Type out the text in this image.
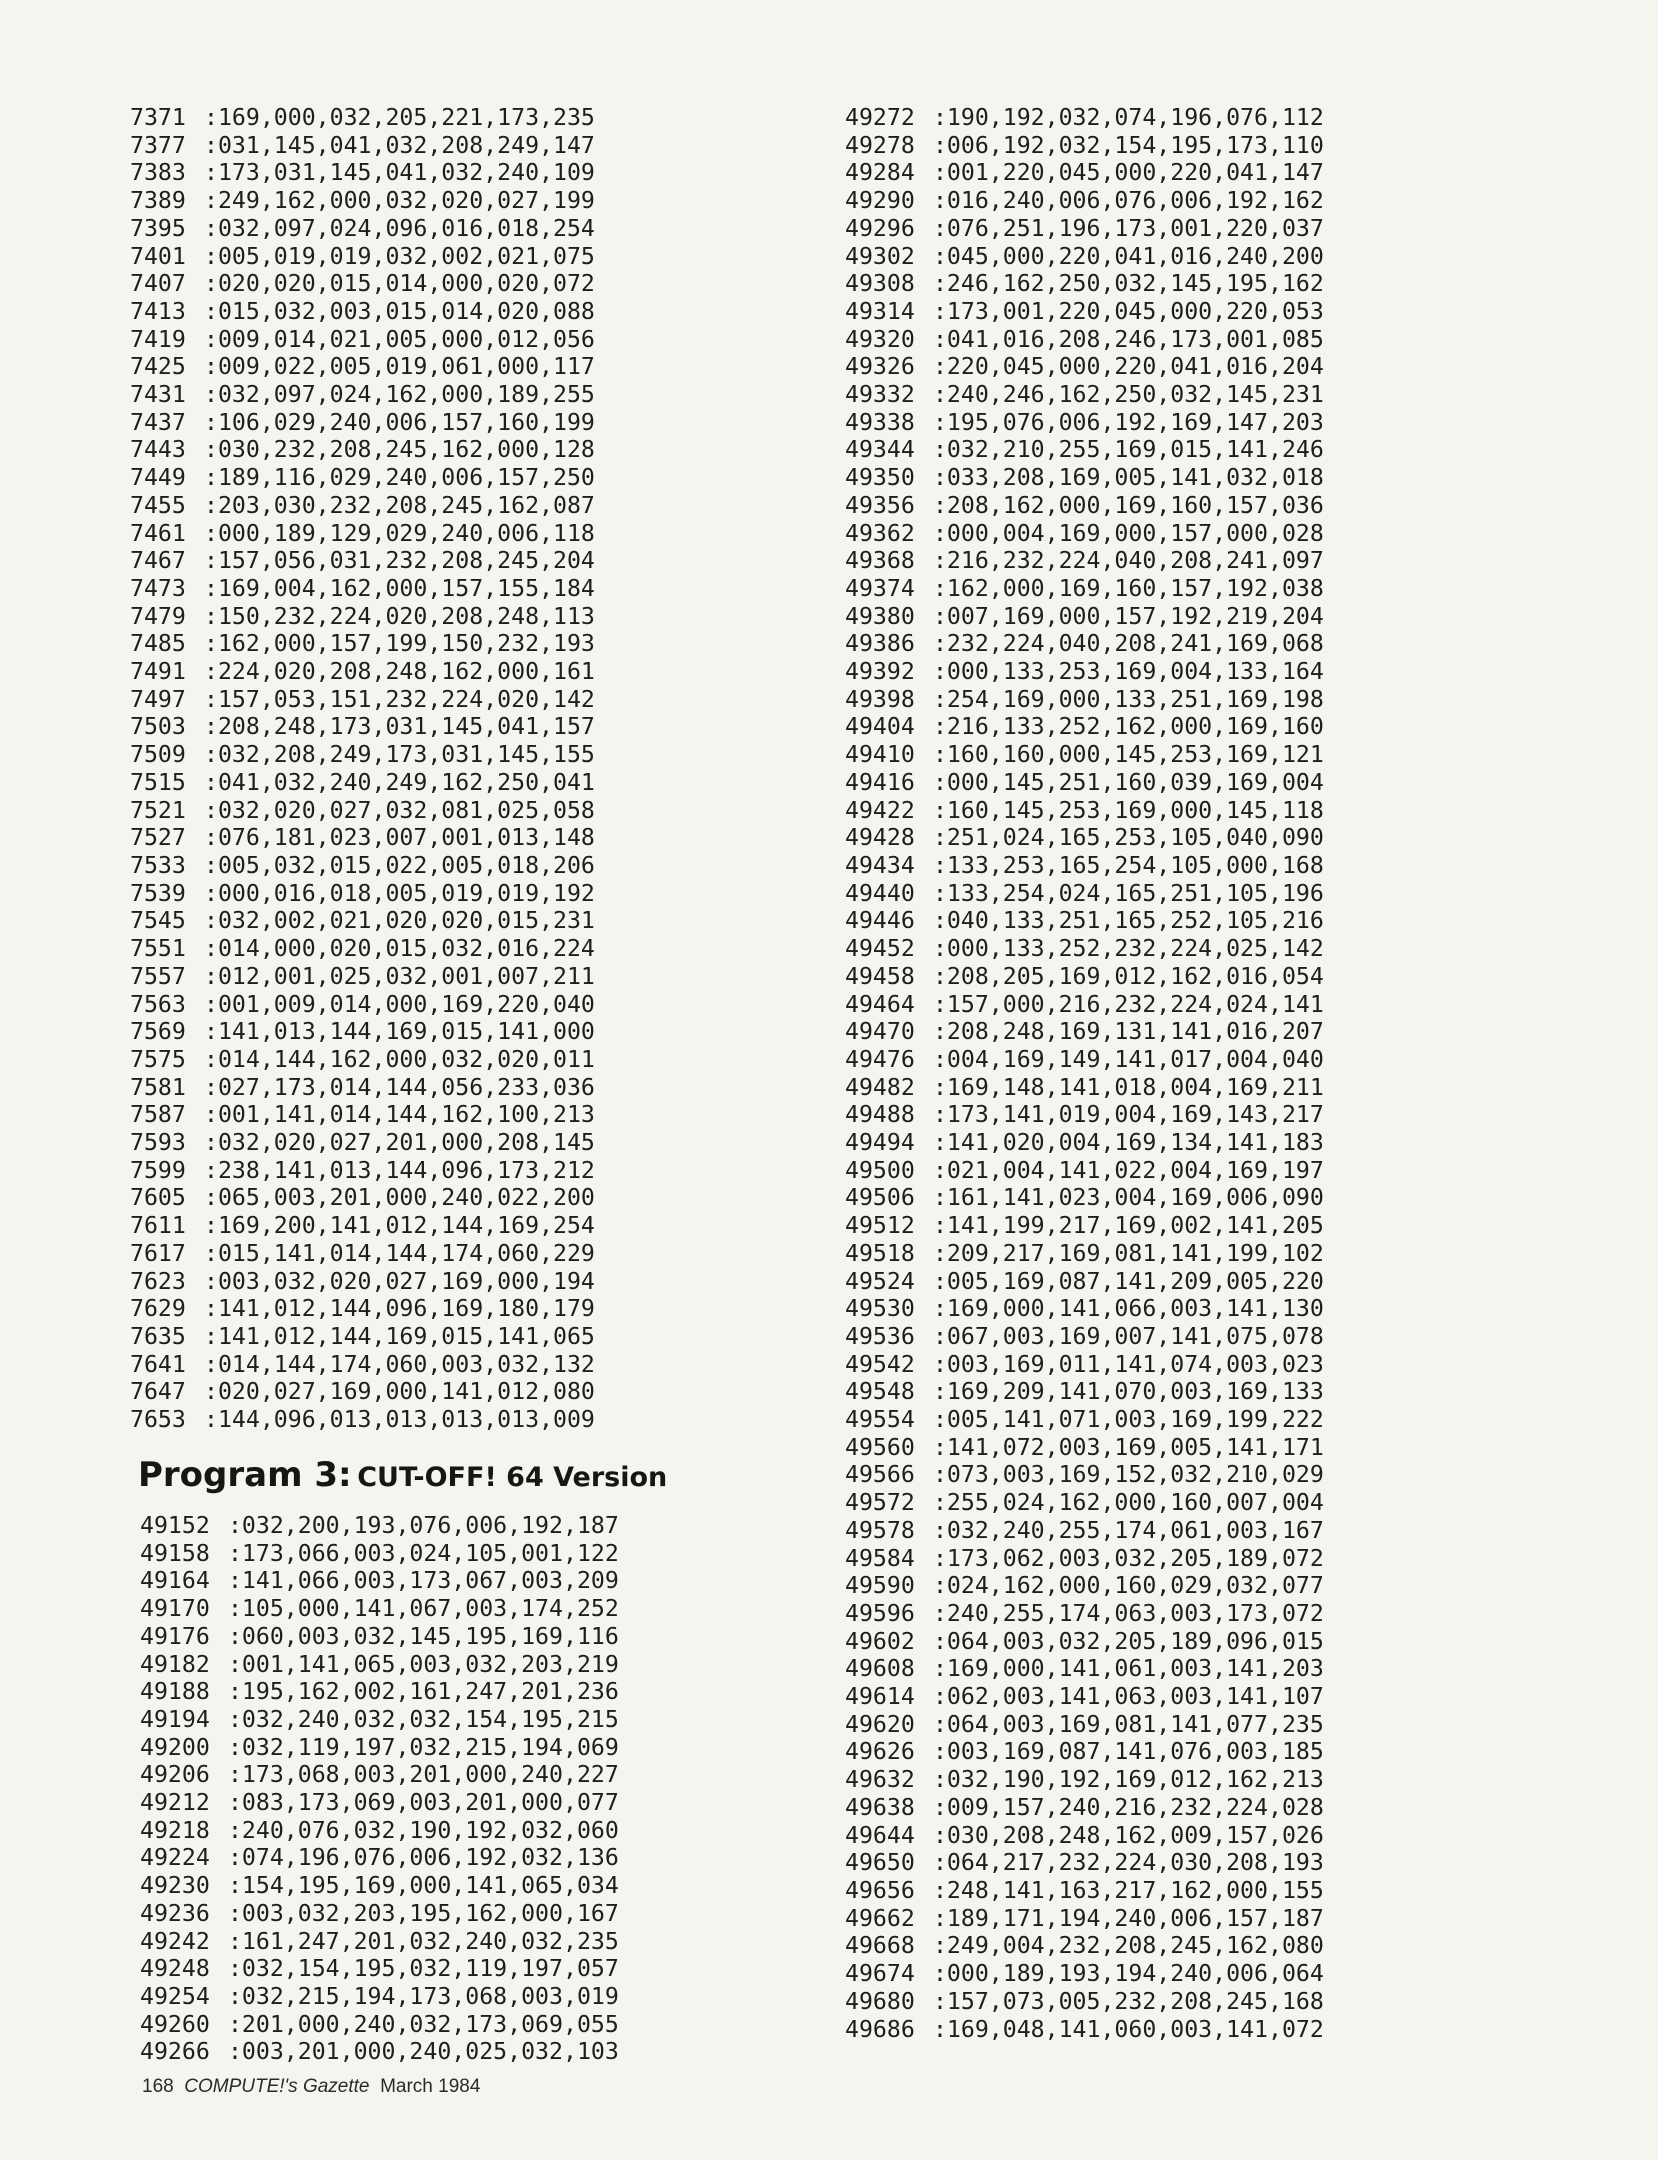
7371 :169,000,032,205,221,173,235
7377 :031,145,041,032,208,249,147
7383 :173,031,145,041,032,240,109
7389 :249,162,000,032,020,027,199
7395 :032,097,024,096,016,018,254
7401 :005,019,019,032,002,021,075
7407 :020,020,015,014,000,020,072
7413 :015,032,003,015,014,020,088
7419 :009,014,021,005,000,012,056
7425 :009,022,005,019,061,000,117
7431 :032,097,024,162,000,189,255
7437 :106,029,240,006,157,160,199
7443 :030,232,208,245,162,000,128
7449 :189,116,029,240,006,157,250
7455 :203,030,232,208,245,162,087
7461 :000,189,129,029,240,006,118
7467 :157,056,031,232,208,245,204
7473 :169,004,162,000,157,155,184
7479 :150,232,224,020,208,248,113
7485 :162,000,157,199,150,232,193
7491 :224,020,208,248,162,000,161
7497 :157,053,151,232,224,020,142
7503 :208,248,173,031,145,041,157
7509 :032,208,249,173,031,145,155
7515 :041,032,240,249,162,250,041
7521 :032,020,027,032,081,025,058
7527 :076,181,023,007,001,013,148
7533 :005,032,015,022,005,018,206
7539 :000,016,018,005,019,019,192
7545 :032,002,021,020,020,015,231
7551 :014,000,020,015,032,016,224
7557 :012,001,025,032,001,007,211
7563 :001,009,014,000,169,220,040
7569 :141,013,144,169,015,141,000
7575 :014,144,162,000,032,020,011
7581 :027,173,014,144,056,233,036
7587 :001,141,014,144,162,100,213
7593 :032,020,027,201,000,208,145
7599 :238,141,013,144,096,173,212
7605 :065,003,201,000,240,022,200
7611 :169,200,141,012,144,169,254
7617 :015,141,014,144,174,060,229
7623 :003,032,020,027,169,000,194
7629 :141,012,144,096,169,180,179
7635 :141,012,144,169,015,141,065
7641 :014,144,174,060,003,032,132
7647 :020,027,169,000,141,012,080
7653 :144,096,013,013,013,013,009
Program 3: CUT-OFF! 64 Version
49152 :032,200,193,076,006,192,187
49158 :173,066,003,024,105,001,122
49164 :141,066,003,173,067,003,209
49170 :105,000,141,067,003,174,252
49176 :060,003,032,145,195,169,116
49182 :001,141,065,003,032,203,219
49188 :195,162,002,161,247,201,236
49194 :032,240,032,032,154,195,215
49200 :032,119,197,032,215,194,069
49206 :173,068,003,201,000,240,227
49212 :083,173,069,003,201,000,077
49218 :240,076,032,190,192,032,060
49224 :074,196,076,006,192,032,136
49230 :154,195,169,000,141,065,034
49236 :003,032,203,195,162,000,167
49242 :161,247,201,032,240,032,235
49248 :032,154,195,032,119,197,057
49254 :032,215,194,173,068,003,019
49260 :201,000,240,032,173,069,055
49266 :003,201,000,240,025,032,103
49272 :190,192,032,074,196,076,112
49278 :006,192,032,154,195,173,110
49284 :001,220,045,000,220,041,147
49290 :016,240,006,076,006,192,162
49296 :076,251,196,173,001,220,037
49302 :045,000,220,041,016,240,200
49308 :246,162,250,032,145,195,162
49314 :173,001,220,045,000,220,053
49320 :041,016,208,246,173,001,085
49326 :220,045,000,220,041,016,204
49332 :240,246,162,250,032,145,231
49338 :195,076,006,192,169,147,203
49344 :032,210,255,169,015,141,246
49350 :033,208,169,005,141,032,018
49356 :208,162,000,169,160,157,036
49362 :000,004,169,000,157,000,028
49368 :216,232,224,040,208,241,097
49374 :162,000,169,160,157,192,038
49380 :007,169,000,157,192,219,204
49386 :232,224,040,208,241,169,068
49392 :000,133,253,169,004,133,164
49398 :254,169,000,133,251,169,198
49404 :216,133,252,162,000,169,160
49410 :160,160,000,145,253,169,121
49416 :000,145,251,160,039,169,004
49422 :160,145,253,169,000,145,118
49428 :251,024,165,253,105,040,090
49434 :133,253,165,254,105,000,168
49440 :133,254,024,165,251,105,196
49446 :040,133,251,165,252,105,216
49452 :000,133,252,232,224,025,142
49458 :208,205,169,012,162,016,054
49464 :157,000,216,232,224,024,141
49470 :208,248,169,131,141,016,207
49476 :004,169,149,141,017,004,040
49482 :169,148,141,018,004,169,211
49488 :173,141,019,004,169,143,217
49494 :141,020,004,169,134,141,183
49500 :021,004,141,022,004,169,197
49506 :161,141,023,004,169,006,090
49512 :141,199,217,169,002,141,205
49518 :209,217,169,081,141,199,102
49524 :005,169,087,141,209,005,220
49530 :169,000,141,066,003,141,130
49536 :067,003,169,007,141,075,078
49542 :003,169,011,141,074,003,023
49548 :169,209,141,070,003,169,133
49554 :005,141,071,003,169,199,222
49560 :141,072,003,169,005,141,171
49566 :073,003,169,152,032,210,029
49572 :255,024,162,000,160,007,004
49578 :032,240,255,174,061,003,167
49584 :173,062,003,032,205,189,072
49590 :024,162,000,160,029,032,077
49596 :240,255,174,063,003,173,072
49602 :064,003,032,205,189,096,015
49608 :169,000,141,061,003,141,203
49614 :062,003,141,063,003,141,107
49620 :064,003,169,081,141,077,235
49626 :003,169,087,141,076,003,185
49632 :032,190,192,169,012,162,213
49638 :009,157,240,216,232,224,028
49644 :030,208,248,162,009,157,026
49650 :064,217,232,224,030,208,193
49656 :248,141,163,217,162,000,155
49662 :189,171,194,240,006,157,187
49668 :249,004,232,208,245,162,080
49674 :000,189,193,194,240,006,064
49680 :157,073,005,232,208,245,168
49686 :169,048,141,060,003,141,072
168 COMPUTE!'s Gazette March 1984
